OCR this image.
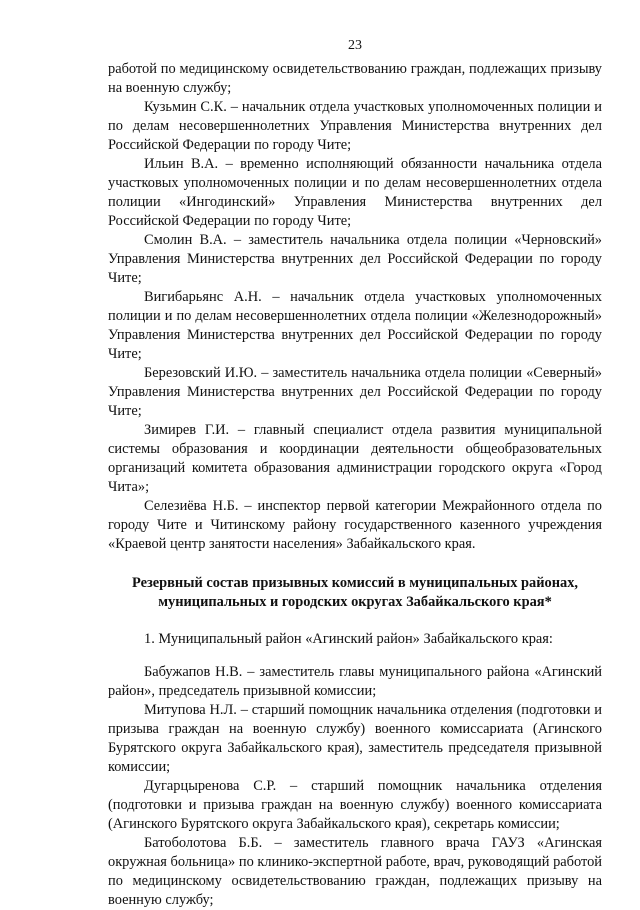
23

работой по медицинскому освидетельствованию граждан, подлежащих призыву на военную службу;

Кузьмин С.К. – начальник отдела участковых уполномоченных полиции и по делам несовершеннолетних Управления Министерства внутренних дел Российской Федерации по городу Чите;

Ильин В.А. – временно исполняющий обязанности начальника отдела участковых уполномоченных полиции и по делам несовершеннолетних отдела полиции «Ингодинский» Управления Министерства внутренних дел Российской Федерации по городу Чите;

Смолин В.А. – заместитель начальника отдела полиции «Черновский» Управления Министерства внутренних дел Российской Федерации по городу Чите;

Вигибарьянс А.Н. – начальник отдела участковых уполномоченных полиции и по делам несовершеннолетних отдела полиции «Железнодорожный» Управления Министерства внутренних дел Российской Федерации по городу Чите;

Березовский И.Ю. – заместитель начальника отдела полиции «Северный» Управления Министерства внутренних дел Российской Федерации по городу Чите;

Зимирев Г.И. – главный специалист отдела развития муниципальной системы образования и координации деятельности общеобразовательных организаций комитета образования администрации городского округа «Город Чита»;

Селезиёва Н.Б. – инспектор первой категории Межрайонного отдела по городу Чите и Читинскому району государственного казенного учреждения «Краевой центр занятости населения» Забайкальского края.

Резервный состав призывных комиссий в муниципальных районах,
муниципальных и городских округах Забайкальского края*

1. Муниципальный район «Агинский район» Забайкальского края:

Бабужапов Н.В. – заместитель главы муниципального района «Агинский район», председатель призывной комиссии;

Митупова Н.Л. – старший помощник начальника отделения (подготовки и призыва граждан на военную службу) военного комиссариата (Агинского Бурятского округа Забайкальского края), заместитель председателя призывной комиссии;

Дугарцыренова С.Р. – старший помощник начальника отделения (подготовки и призыва граждан на военную службу) военного комиссариата (Агинского Бурятского округа Забайкальского края), секретарь комиссии;

Батоболотова Б.Б. – заместитель главного врача ГАУЗ «Агинская окружная больница» по клинико-экспертной работе, врач, руководящий работой по медицинскому освидетельствованию граждан, подлежащих призыву на военную службу;
